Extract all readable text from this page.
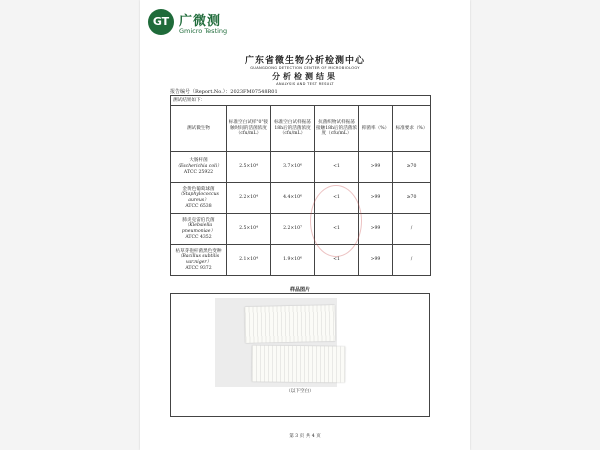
GT 广微测
Gmicro Testing
广东省微生物分析检测中心
GUANGDONG DETECTION CENTER OF MICROBIOLOGY
分析检测结果
ANALYSIS AND TEST RESULT
报告编号（Report.No.）：2023FM07548R01
测试结果如下：					
测试微生物	标准空白试样"0"接触时间的活菌浓度（cfu/mL）	标准空白试样振荡18h后的活菌浓度（cfu/mL）	抗菌织物试样振荡接触18h后的活菌浓度（cfu/mL）	抑菌率（%）	标准要求（%）

大肠杆菌
（Escherichia coli）
ATCC 25922	2.5×10⁴	3.7×10⁶	<1	>99	≥70

金黄色葡萄球菌
（Staphylococcus aureus）
ATCC 6538	2.2×10⁴	4.4×10⁶	<1	>99	≥70

肺炎克雷伯氏菌
（Klebsiella pneumoniae）
ATCC 4352	2.5×10⁴	2.2×10⁷	<1	>99	/

枯草芽孢杆菌黑色变种
（Bacillus subtilis
var.niger）
ATCC 9372	2.1×10⁴	1.9×10⁶	<1	>99	/
样品图片
（以下空白）
第 3 页 共 4 页
